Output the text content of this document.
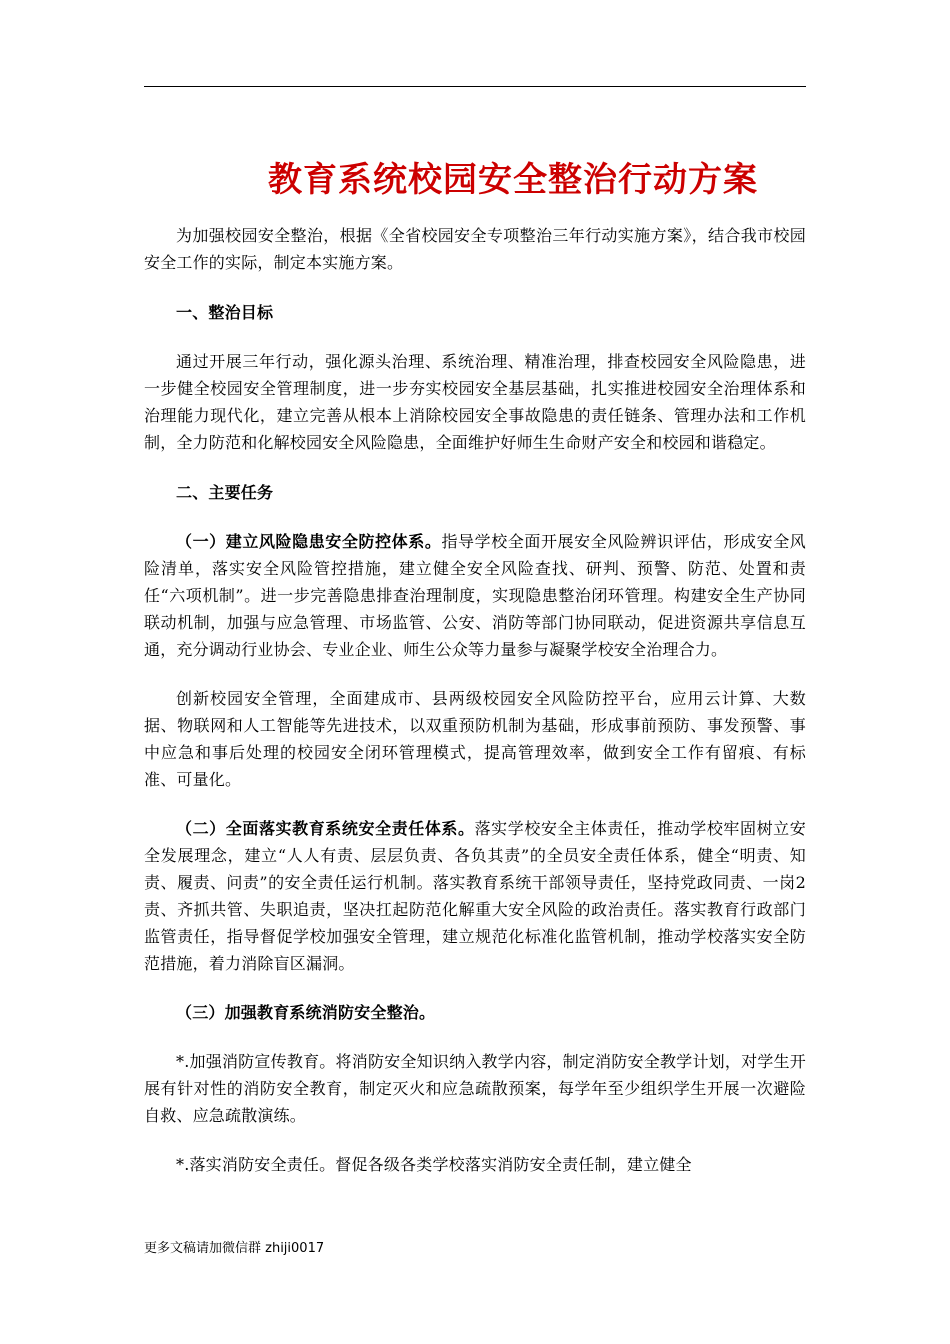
教育系统校园安全整治行动方案

为加强校园安全整治，根据《全省校园安全专项整治三年行动实施方案》，结合我市校园安全工作的实际，制定本实施方案。

一、整治目标

通过开展三年行动，强化源头治理、系统治理、精准治理，排查校园安全风险隐患，进一步健全校园安全管理制度，进一步夯实校园安全基层基础，扎实推进校园安全治理体系和治理能力现代化，建立完善从根本上消除校园安全事故隐患的责任链条、管理办法和工作机制，全力防范和化解校园安全风险隐患，全面维护好师生生命财产安全和校园和谐稳定。

二、主要任务

（一）建立风险隐患安全防控体系。指导学校全面开展安全风险辨识评估，形成安全风险清单，落实安全风险管控措施，建立健全安全风险查找、研判、预警、防范、处置和责任“六项机制”。进一步完善隐患排查治理制度，实现隐患整治闭环管理。构建安全生产协同联动机制，加强与应急管理、市场监管、公安、消防等部门协同联动，促进资源共享信息互通，充分调动行业协会、专业企业、师生公众等力量参与凝聚学校安全治理合力。

创新校园安全管理，全面建成市、县两级校园安全风险防控平台，应用云计算、大数据、物联网和人工智能等先进技术，以双重预防机制为基础，形成事前预防、事发预警、事中应急和事后处理的校园安全闭环管理模式，提高管理效率，做到安全工作有留痕、有标准、可量化。

（二）全面落实教育系统安全责任体系。落实学校安全主体责任，推动学校牢固树立安全发展理念，建立“人人有责、层层负责、各负其责”的全员安全责任体系，健全“明责、知责、履责、问责”的安全责任运行机制。落实教育系统干部领导责任，坚持党政同责、一岗2责、齐抓共管、失职追责，坚决扛起防范化解重大安全风险的政治责任。落实教育行政部门监管责任，指导督促学校加强安全管理，建立规范化标准化监管机制，推动学校落实安全防范措施，着力消除盲区漏洞。

（三）加强教育系统消防安全整治。

*.加强消防宣传教育。将消防安全知识纳入教学内容，制定消防安全教学计划，对学生开展有针对性的消防安全教育，制定灭火和应急疏散预案，每学年至少组织学生开展一次避险自救、应急疏散演练。

*.落实消防安全责任。督促各级各类学校落实消防安全责任制，建立健全

更多文稿请加微信群 zhiji0017
